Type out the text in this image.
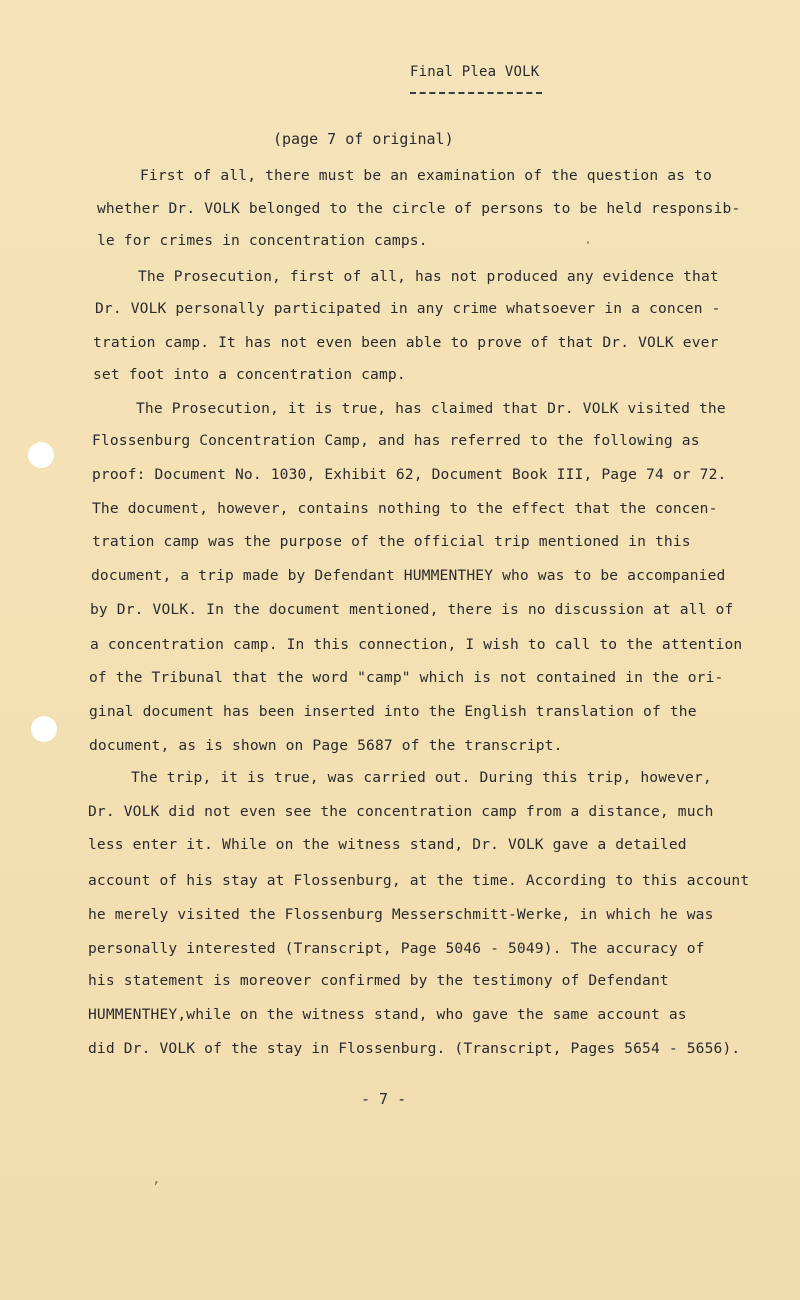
Final Plea VOLK
(page 7 of original)
First of all, there must be an examination of the question as to
whether Dr. VOLK belonged to the circle of persons to be held responsib-
le for crimes in concentration camps.
The Prosecution, first of all, has not produced any evidence that
Dr. VOLK personally participated in any crime whatsoever in a concen -
tration camp. It has not even been able to prove of that Dr. VOLK ever
set foot into a concentration camp.
The Prosecution, it is true, has claimed that Dr. VOLK visited the
Flossenburg Concentration Camp, and has referred to the following as
proof: Document No. 1030, Exhibit 62, Document Book III, Page 74 or 72.
The document, however, contains nothing to the effect that the concen-
tration camp was the purpose of the official trip mentioned in this
document, a trip made by Defendant HUMMENTHEY who was to be accompanied
by Dr. VOLK. In the document mentioned, there is no discussion at all of
a concentration camp. In this connection, I wish to call to the attention
of the Tribunal that the word "camp" which is not contained in the ori-
ginal document has been inserted into the English translation of the
document, as is shown on Page 5687 of the transcript.
The trip, it is true, was carried out. During this trip, however,
Dr. VOLK did not even see the concentration camp from a distance, much
less enter it. While on the witness stand, Dr. VOLK gave a detailed
account of his stay at Flossenburg, at the time. According to this account
he merely visited the Flossenburg Messerschmitt-Werke, in which he was
personally interested (Transcript, Page 5046 - 5049). The accuracy of
his statement is moreover confirmed by the testimony of Defendant
HUMMENTHEY,while on the witness stand, who gave the same account as
did Dr. VOLK of the stay in Flossenburg. (Transcript, Pages 5654 - 5656).
- 7 -
’
·
